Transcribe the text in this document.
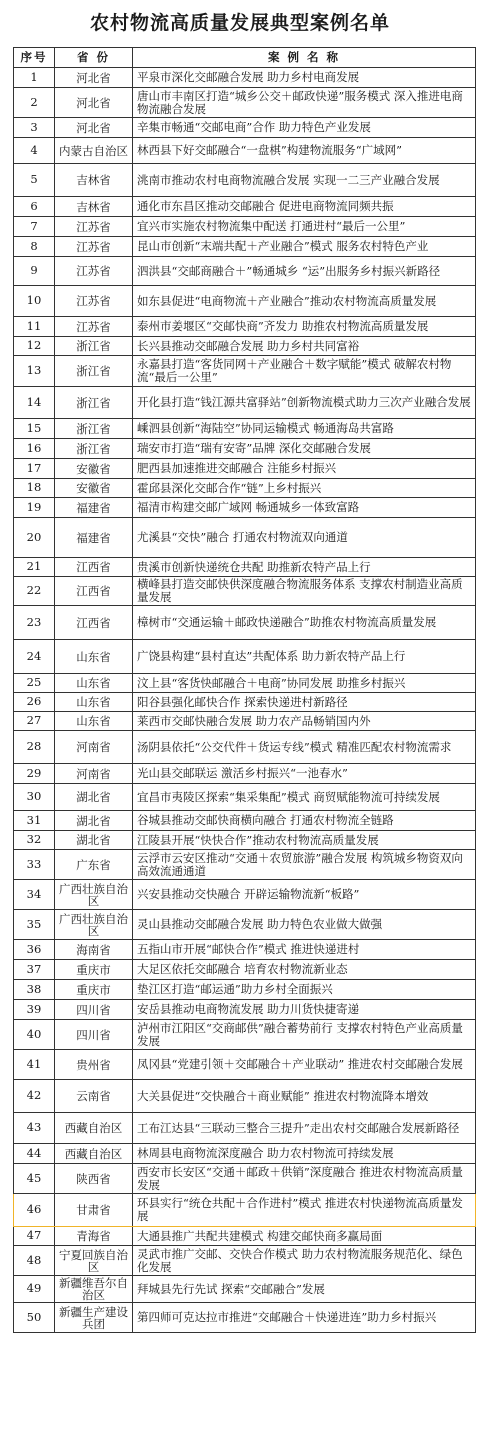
农村物流高质量发展典型案例名单
序号	省 份	案 例 名 称
1	河北省	平泉市深化交邮融合发展 助力乡村电商发展
2	河北省	唐山市丰南区打造“城乡公交＋邮政快递”服务模式 深入推进电商物流融合发展
3	河北省	辛集市畅通“交邮电商”合作 助力特色产业发展
4	内蒙古自治区	林西县下好交邮融合“一盘棋”构建物流服务“广域网”
5	吉林省	洮南市推动农村电商物流融合发展 实现一二三产业融合发展
6	吉林省	通化市东昌区推动交邮融合 促进电商物流同频共振
7	江苏省	宜兴市实施农村物流集中配送 打通进村“最后一公里”
8	江苏省	昆山市创新“末端共配＋产业融合”模式 服务农村特色产业
9	江苏省	泗洪县“交邮商融合＋”畅通城乡 “运”出服务乡村振兴新路径
10	江苏省	如东县促进“电商物流＋产业融合”推动农村物流高质量发展
11	江苏省	泰州市姜堰区“交邮快商”齐发力 助推农村物流高质量发展
12	浙江省	长兴县推动交邮融合发展 助力乡村共同富裕
13	浙江省	永嘉县打造“客货同网＋产业融合＋数字赋能”模式 破解农村物流“最后一公里”
14	浙江省	开化县打造“钱江源共富驿站”创新物流模式助力三次产业融合发展
15	浙江省	嵊泗县创新“海陆空”协同运输模式 畅通海岛共富路
16	浙江省	瑞安市打造“瑞有安寄”品牌 深化交邮融合发展
17	安徽省	肥西县加速推进交邮融合 注能乡村振兴
18	安徽省	霍邱县深化交邮合作“链”上乡村振兴
19	福建省	福清市构建交邮广域网 畅通城乡一体致富路
20	福建省	尤溪县“交快”融合 打通农村物流双向通道
21	江西省	贵溪市创新快递统仓共配 助推新农特产品上行
22	江西省	横峰县打造交邮快供深度融合物流服务体系 支撑农村制造业高质量发展
23	江西省	樟树市“交通运输＋邮政快递融合”助推农村物流高质量发展
24	山东省	广饶县构建“县村直达”共配体系 助力新农特产品上行
25	山东省	汶上县“客货快邮融合＋电商”协同发展 助推乡村振兴
26	山东省	阳谷县强化邮快合作 探索快递进村新路径
27	山东省	莱西市交邮快融合发展 助力农产品畅销国内外
28	河南省	汤阴县依托“公交代件＋货运专线”模式 精准匹配农村物流需求
29	河南省	光山县交邮联运 激活乡村振兴“一池春水”
30	湖北省	宜昌市夷陵区探索“集采集配”模式 商贸赋能物流可持续发展
31	湖北省	谷城县推动交邮快商横向融合 打通农村物流全链路
32	湖北省	江陵县开展“快快合作”推动农村物流高质量发展
33	广东省	云浮市云安区推动“交通＋农贸旅游”融合发展 构筑城乡物资双向高效流通通道
34	广西壮族自治区	兴安县推动交快融合 开辟运输物流新“板路”
35	广西壮族自治区	灵山县推动交邮融合发展 助力特色农业做大做强
36	海南省	五指山市开展“邮快合作”模式 推进快递进村
37	重庆市	大足区依托交邮融合 培育农村物流新业态
38	重庆市	垫江区打造“邮运通”助力乡村全面振兴
39	四川省	安岳县推动电商物流发展 助力川货快捷寄递
40	四川省	泸州市江阳区“交商邮供”融合蓄势前行 支撑农村特色产业高质量发展
41	贵州省	凤冈县“党建引领＋交邮融合＋产业联动” 推进农村交邮融合发展
42	云南省	大关县促进“交快融合＋商业赋能” 推进农村物流降本增效
43	西藏自治区	工布江达县“三联动三整合三提升”走出农村交邮融合发展新路径
44	西藏自治区	林周县电商物流深度融合 助力农村物流可持续发展
45	陕西省	西安市长安区“交通＋邮政＋供销”深度融合 推进农村物流高质量发展
46	甘肃省	环县实行“统仓共配＋合作进村”模式 推进农村快递物流高质量发展
47	青海省	大通县推广共配共建模式 构建交邮快商多赢局面
48	宁夏回族自治区	灵武市推广交邮、交快合作模式 助力农村物流服务规范化、绿色化发展
49	新疆维吾尔自治区	拜城县先行先试 探索“交邮融合”发展
50	新疆生产建设兵团	第四师可克达拉市推进“交邮融合＋快递进连”助力乡村振兴
